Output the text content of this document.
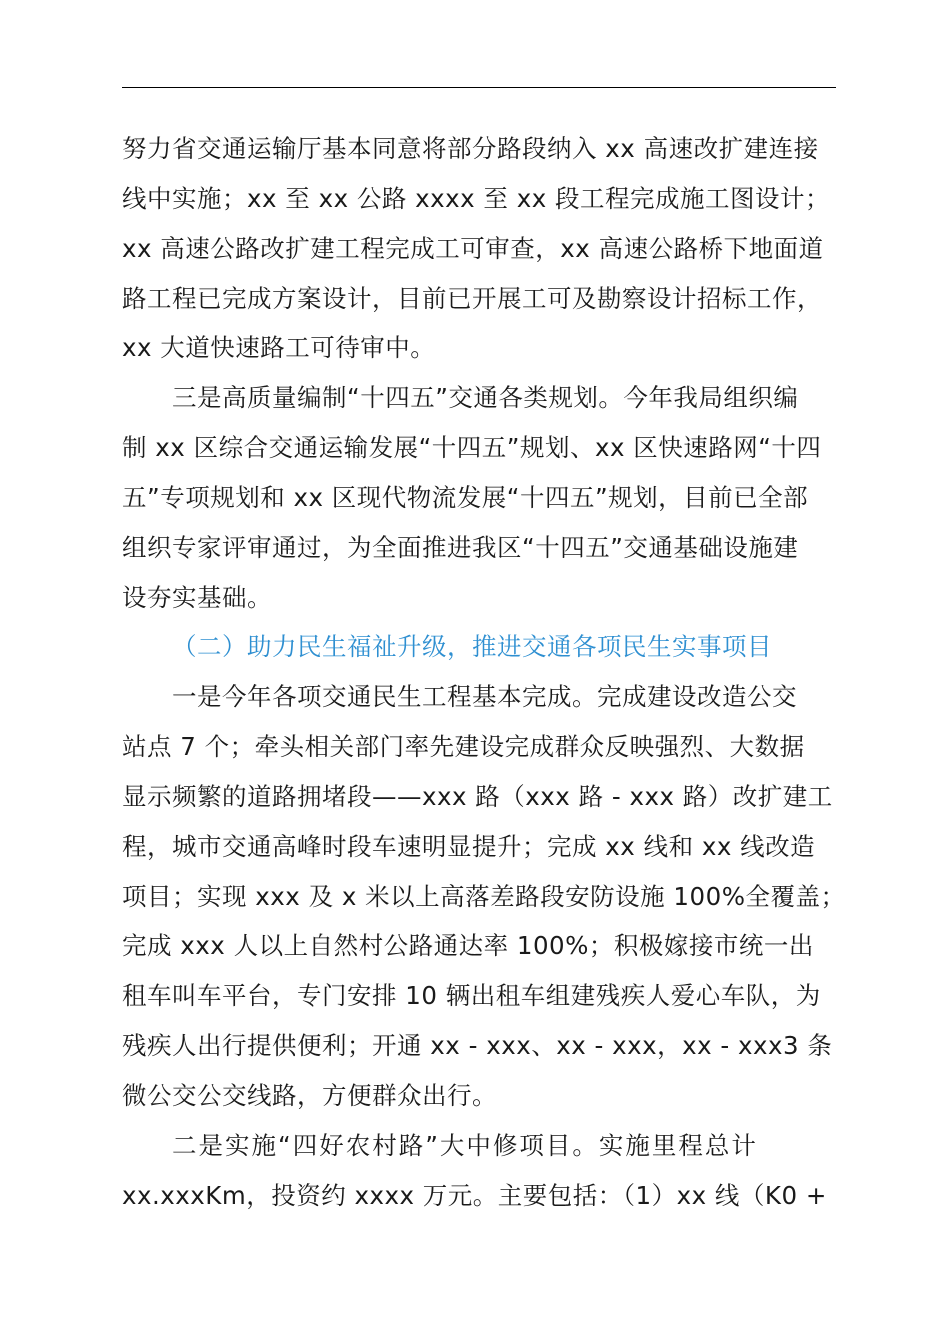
努力省交通运输厅基本同意将部分路段纳入 xx 高速改扩建连接
线中实施；xx 至 xx 公路 xxxx 至 xx 段工程完成施工图设计；
xx 高速公路改扩建工程完成工可审查，xx 高速公路桥下地面道
路工程已完成方案设计，目前已开展工可及勘察设计招标工作，
xx 大道快速路工可待审中。
三是高质量编制“十四五”交通各类规划。今年我局组织编
制 xx 区综合交通运输发展“十四五”规划、xx 区快速路网“十四
五”专项规划和 xx 区现代物流发展“十四五”规划，目前已全部
组织专家评审通过，为全面推进我区“十四五”交通基础设施建
设夯实基础。
（二）助力民生福祉升级，推进交通各项民生实事项目
一是今年各项交通民生工程基本完成。完成建设改造公交
站点 7 个；牵头相关部门率先建设完成群众反映强烈、大数据
显示频繁的道路拥堵段——xxx 路（xxx 路 - xxx 路）改扩建工
程，城市交通高峰时段车速明显提升；完成 xx 线和 xx 线改造
项目；实现 xxx 及 x 米以上高落差路段安防设施 100%全覆盖；
完成 xxx 人以上自然村公路通达率 100%；积极嫁接市统一出
租车叫车平台，专门安排 10 辆出租车组建残疾人爱心车队，为
残疾人出行提供便利；开通 xx - xxx、xx - xxx，xx - xxx3 条
微公交公交线路，方便群众出行。
二是实施“四好农村路”大中修项目。实施里程总计
xx.xxxKm，投资约 xxxx 万元。主要包括：（1）xx 线（K0 +
